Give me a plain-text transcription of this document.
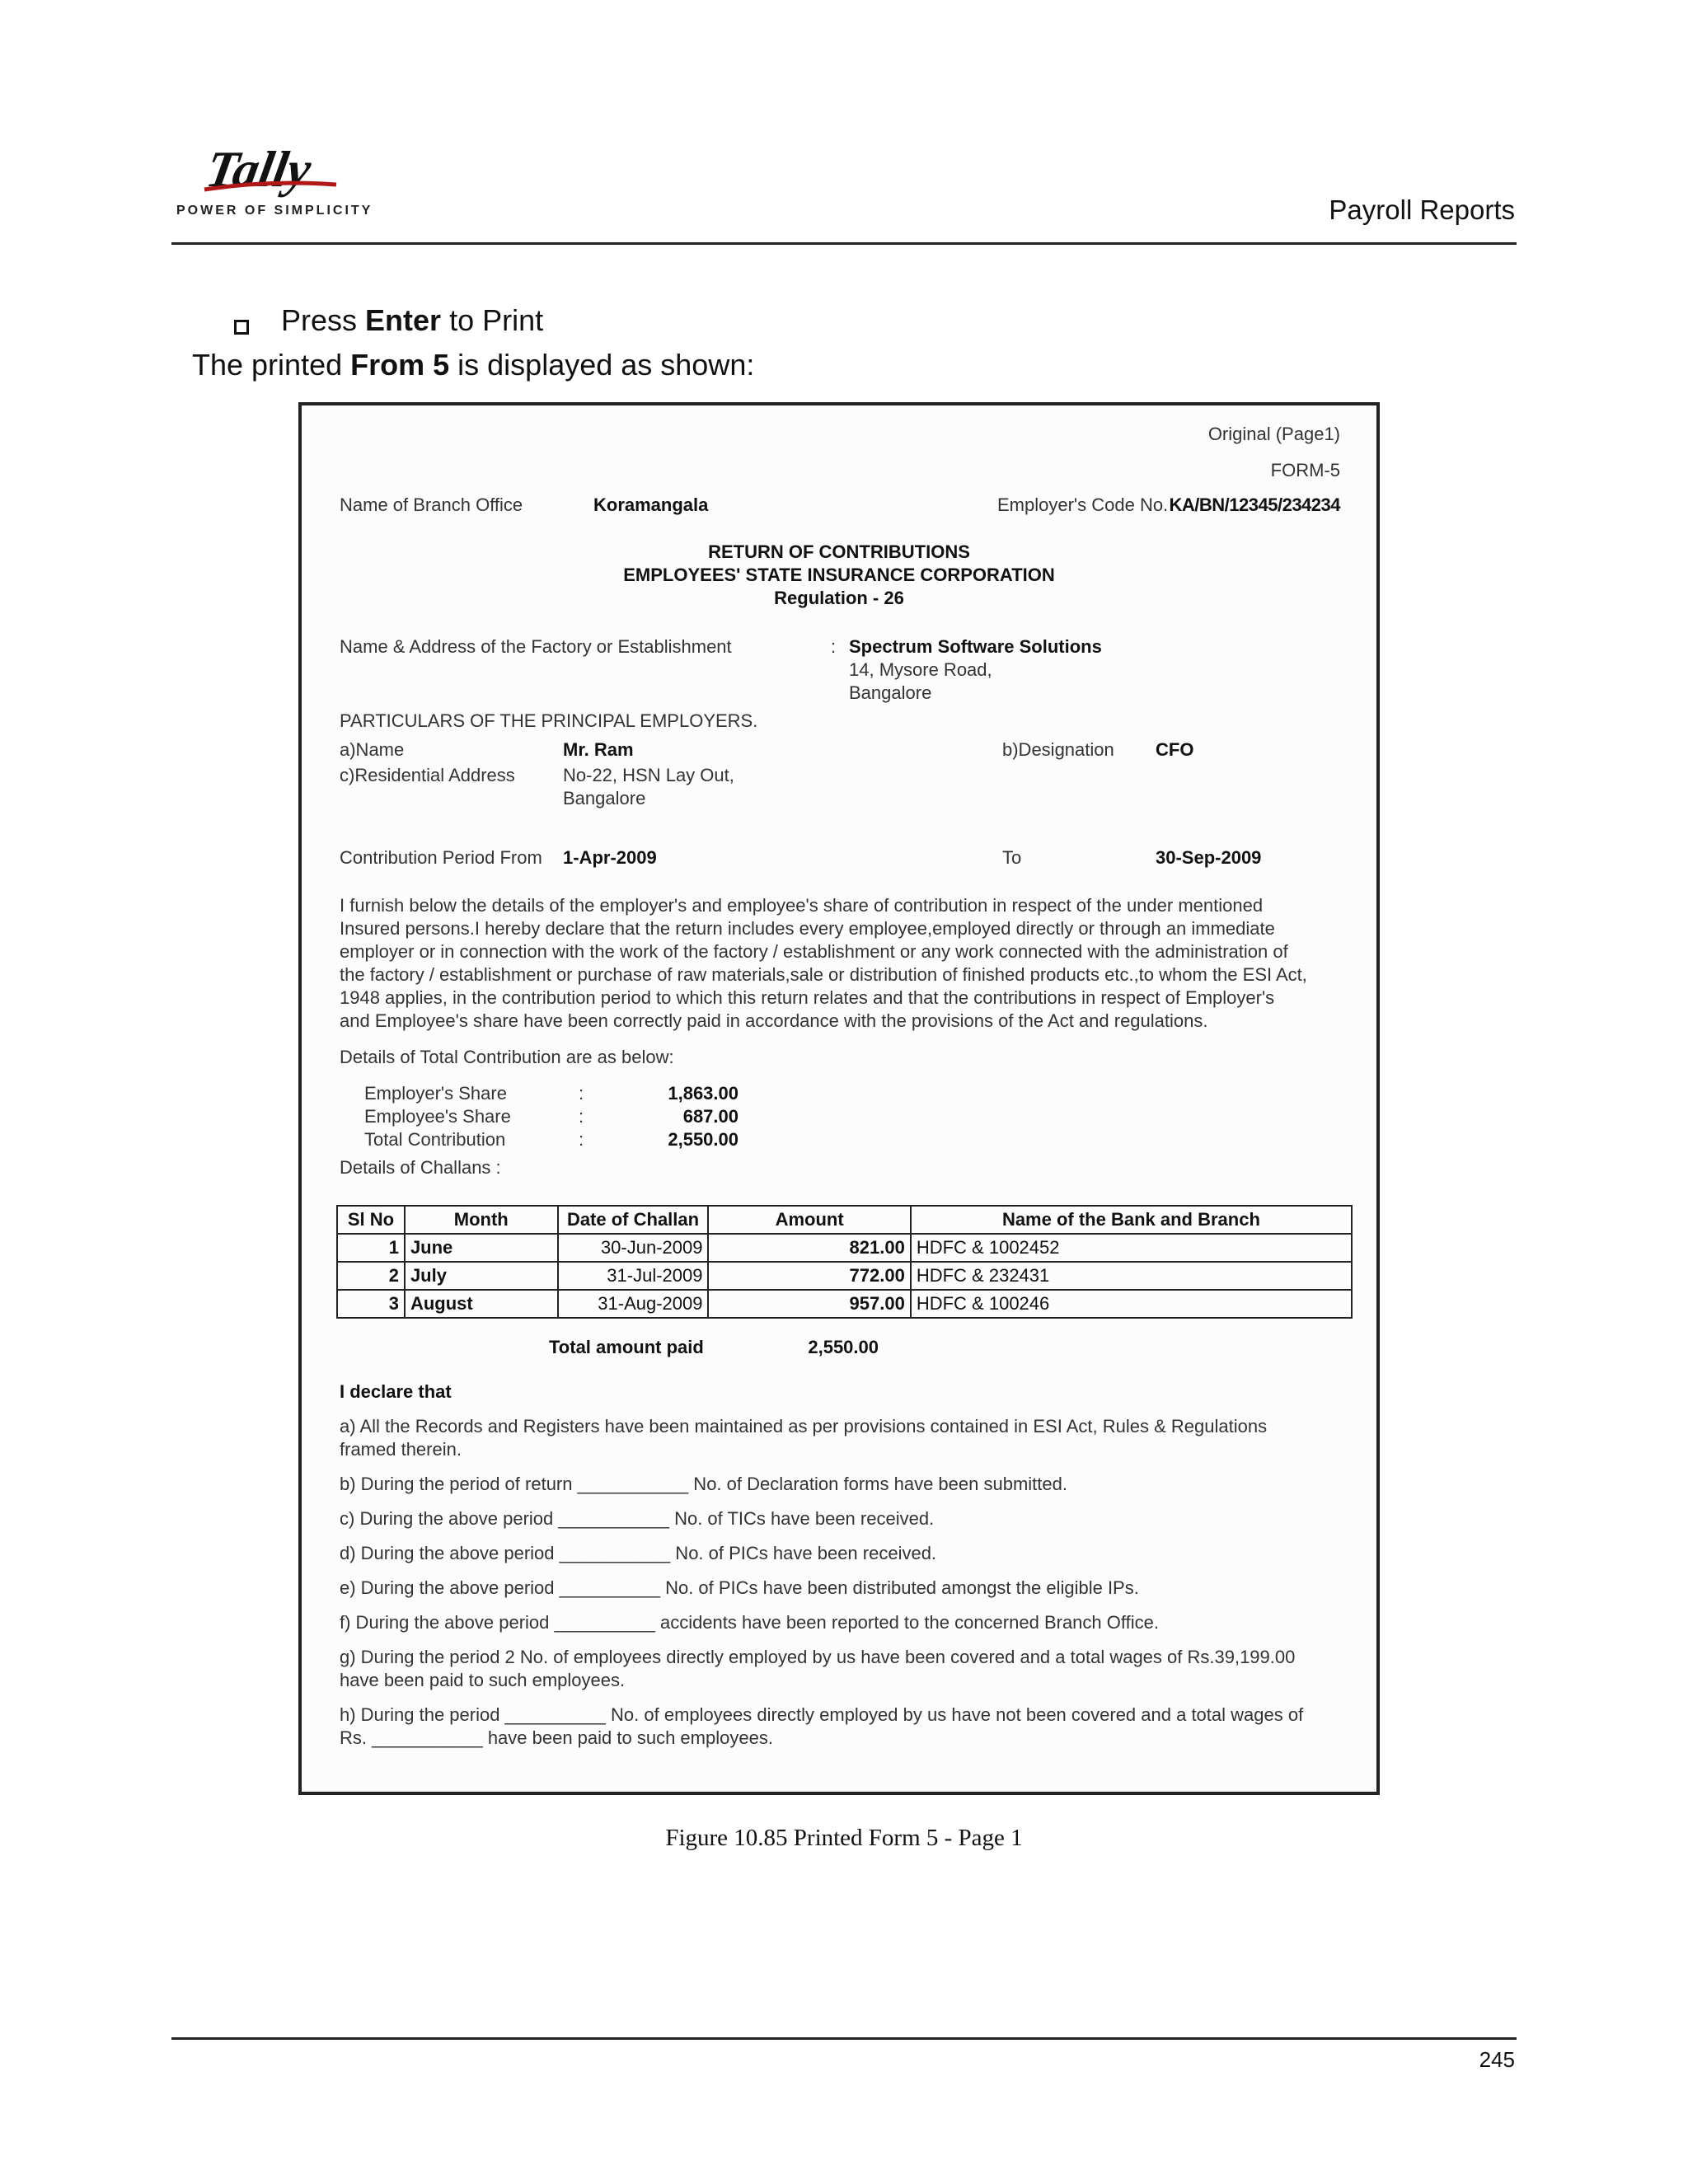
Tally
POWER OF SIMPLICITY	Payroll Reports
Press Enter to Print
The printed From 5 is displayed as shown:
Original (Page1)
FORM-5
Name of Branch Office	Koramangala	Employer's Code No. KA/BN/12345/234234
RETURN OF CONTRIBUTIONS
EMPLOYEES' STATE INSURANCE CORPORATION
Regulation - 26
Name & Address of the Factory or Establishment	: Spectrum Software Solutions
14, Mysore Road,
Bangalore
PARTICULARS OF THE PRINCIPAL EMPLOYERS.
a)Name	Mr. Ram	b)Designation CFO
c)Residential Address	No-22, HSN Lay Out,
Bangalore
Contribution Period From 1-Apr-2009	To	30-Sep-2009
I furnish below the details of the employer's and employee's share of contribution in respect of the under mentioned
Insured persons.I hereby declare that the return includes every employee,employed directly or through an immediate
employer or in connection with the work of the factory / establishment or any work connected with the administration of
the factory / establishment or purchase of raw materials,sale or distribution of finished products etc.,to whom the ESI Act,
1948 applies, in the contribution period to which this return relates and that the contributions in respect of Employer's
and Employee's share have been correctly paid in accordance with the provisions of the Act and regulations.
Details of Total Contribution are as below:
Employer's Share	:	1,863.00
Employee's Share	:	687.00
Total Contribution	:	2,550.00
Details of Challans :
Sl No	Month	Date of Challan	Amount	Name of the Bank and Branch
1	June	30-Jun-2009	821.00	HDFC & 1002452
2	July	31-Jul-2009	772.00	HDFC & 232431
3	August	31-Aug-2009	957.00	HDFC & 100246
Total amount paid	2,550.00
I declare that
a) All the Records and Registers have been maintained as per provisions contained in ESI Act, Rules & Regulations
framed therein.
b) During the period of return ___________ No. of Declaration forms have been submitted.
c) During the above period ___________ No. of TICs have been received.
d) During the above period ___________ No. of PICs have been received.
e) During the above period __________ No. of PICs have been distributed amongst the eligible IPs.
f) During the above period __________ accidents have been reported to the concerned Branch Office.
g) During the period 2 No. of employees directly employed by us have been covered and a total wages of Rs.39,199.00
have been paid to such employees.
h) During the period __________ No. of employees directly employed by us have not been covered and a total wages of
Rs. ___________ have been paid to such employees.
Figure 10.85 Printed Form 5 - Page 1
245
